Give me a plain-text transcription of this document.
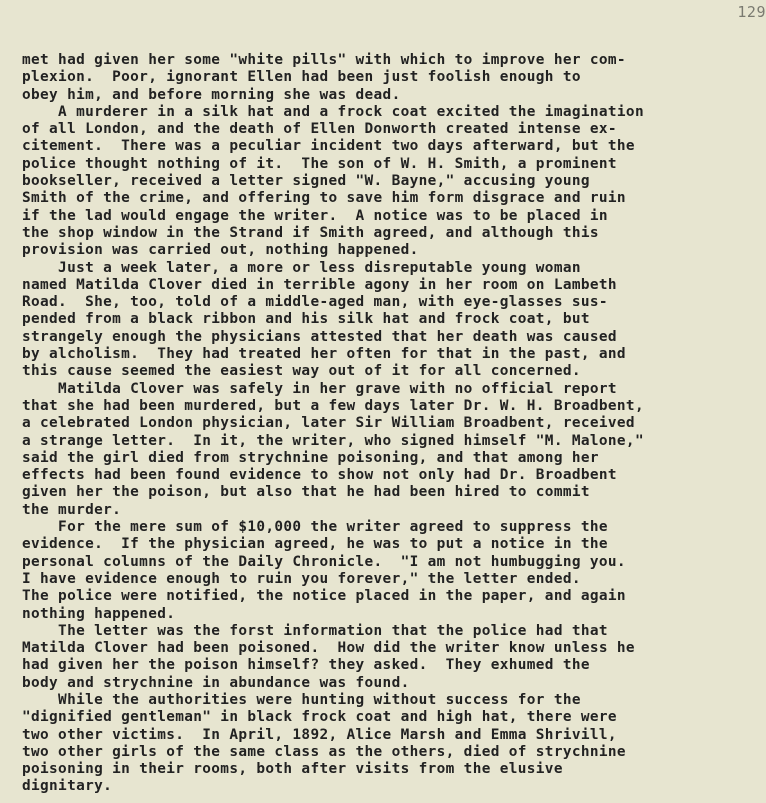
129
met had given her some "white pills" with which to improve her com-
plexion.  Poor, ignorant Ellen had been just foolish enough to
obey him, and before morning she was dead.
A murderer in a silk hat and a frock coat excited the imagination
of all London, and the death of Ellen Donworth created intense ex-
citement.  There was a peculiar incident two days afterward, but the
police thought nothing of it.  The son of W. H. Smith, a prominent
bookseller, received a letter signed "W. Bayne," accusing young
Smith of the crime, and offering to save him form disgrace and ruin
if the lad would engage the writer.  A notice was to be placed in
the shop window in the Strand if Smith agreed, and although this
provision was carried out, nothing happened.
Just a week later, a more or less disreputable young woman
named Matilda Clover died in terrible agony in her room on Lambeth
Road.  She, too, told of a middle-aged man, with eye-glasses sus-
pended from a black ribbon and his silk hat and frock coat, but
strangely enough the physicians attested that her death was caused
by alcholism.  They had treated her often for that in the past, and
this cause seemed the easiest way out of it for all concerned.
Matilda Clover was safely in her grave with no official report
that she had been murdered, but a few days later Dr. W. H. Broadbent,
a celebrated London physician, later Sir William Broadbent, received
a strange letter.  In it, the writer, who signed himself "M. Malone,"
said the girl died from strychnine poisoning, and that among her
effects had been found evidence to show not only had Dr. Broadbent
given her the poison, but also that he had been hired to commit
the murder.
For the mere sum of $10,000 the writer agreed to suppress the
evidence.  If the physician agreed, he was to put a notice in the
personal columns of the Daily Chronicle.  "I am not humbugging you.
I have evidence enough to ruin you forever," the letter ended.
The police were notified, the notice placed in the paper, and again
nothing happened.
The letter was the forst information that the police had that
Matilda Clover had been poisoned.  How did the writer know unless he
had given her the poison himself? they asked.  They exhumed the
body and strychnine in abundance was found.
While the authorities were hunting without success for the
"dignified gentleman" in black frock coat and high hat, there were
two other victims.  In April, 1892, Alice Marsh and Emma Shrivill,
two other girls of the same class as the others, died of strychnine
poisoning in their rooms, both after visits from the elusive
dignitary.
